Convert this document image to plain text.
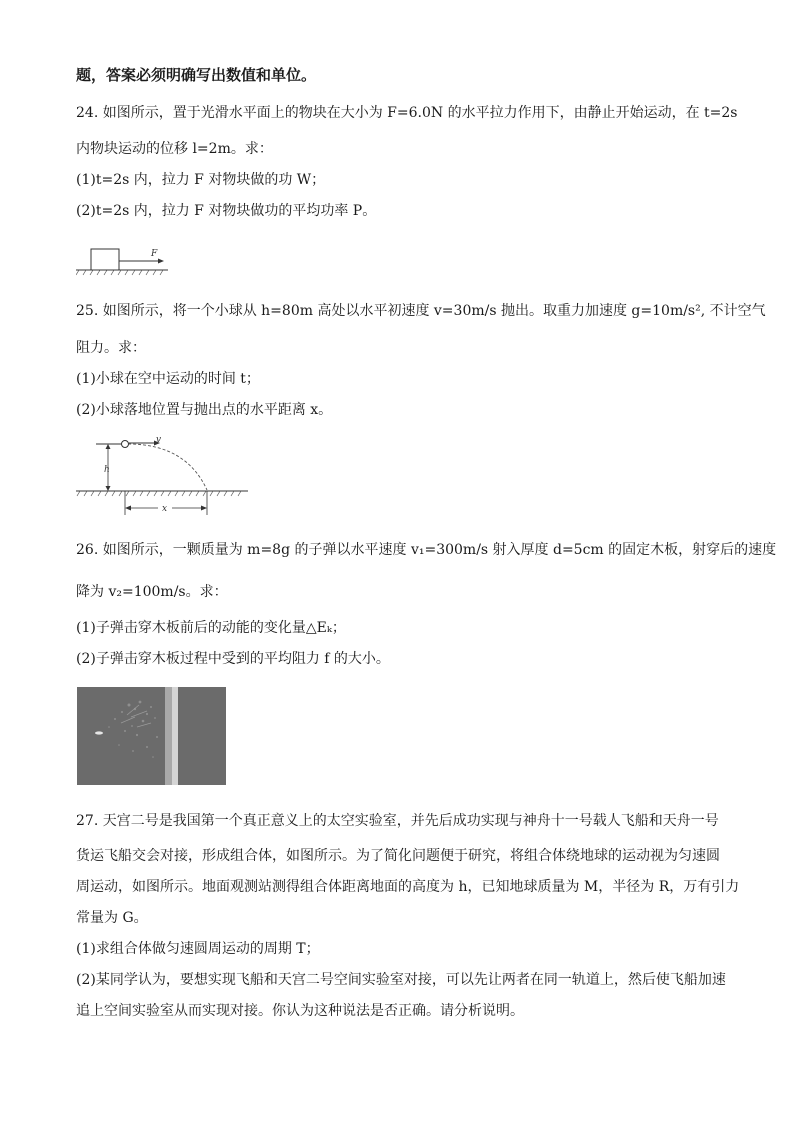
题，答案必须明确写出数值和单位。
24. 如图所示，置于光滑水平面上的物块在大小为 F=6.0N 的水平拉力作用下，由静止开始运动，在 t=2s
内物块运动的位移 l=2m。求：
(1)t=2s 内，拉力 F 对物块做的功 W；
(2)t=2s 内，拉力 F 对物块做功的平均功率 P。
F
25. 如图所示，将一个小球从 h=80m 高处以水平初速度 v=30m/s 抛出。取重力加速度 g=10m/s², 不计空气
阻力。求：
(1)小球在空中运动的时间 t；
(2)小球落地位置与抛出点的水平距离 x。
h
v
x
26. 如图所示，一颗质量为 m=8g 的子弹以水平速度 v₁=300m/s 射入厚度 d=5cm 的固定木板，射穿后的速度
降为 v₂=100m/s。求：
(1)子弹击穿木板前后的动能的变化量△Eₖ；
(2)子弹击穿木板过程中受到的平均阻力 f 的大小。
27. 天宫二号是我国第一个真正意义上的太空实验室，并先后成功实现与神舟十一号载人飞船和天舟一号
货运飞船交会对接，形成组合体，如图所示。为了简化问题便于研究，将组合体绕地球的运动视为匀速圆
周运动，如图所示。地面观测站测得组合体距离地面的高度为 h，已知地球质量为 M，半径为 R，万有引力
常量为 G。
(1)求组合体做匀速圆周运动的周期 T；
(2)某同学认为，要想实现飞船和天宫二号空间实验室对接，可以先让两者在同一轨道上，然后使飞船加速
追上空间实验室从而实现对接。你认为这种说法是否正确。请分析说明。
